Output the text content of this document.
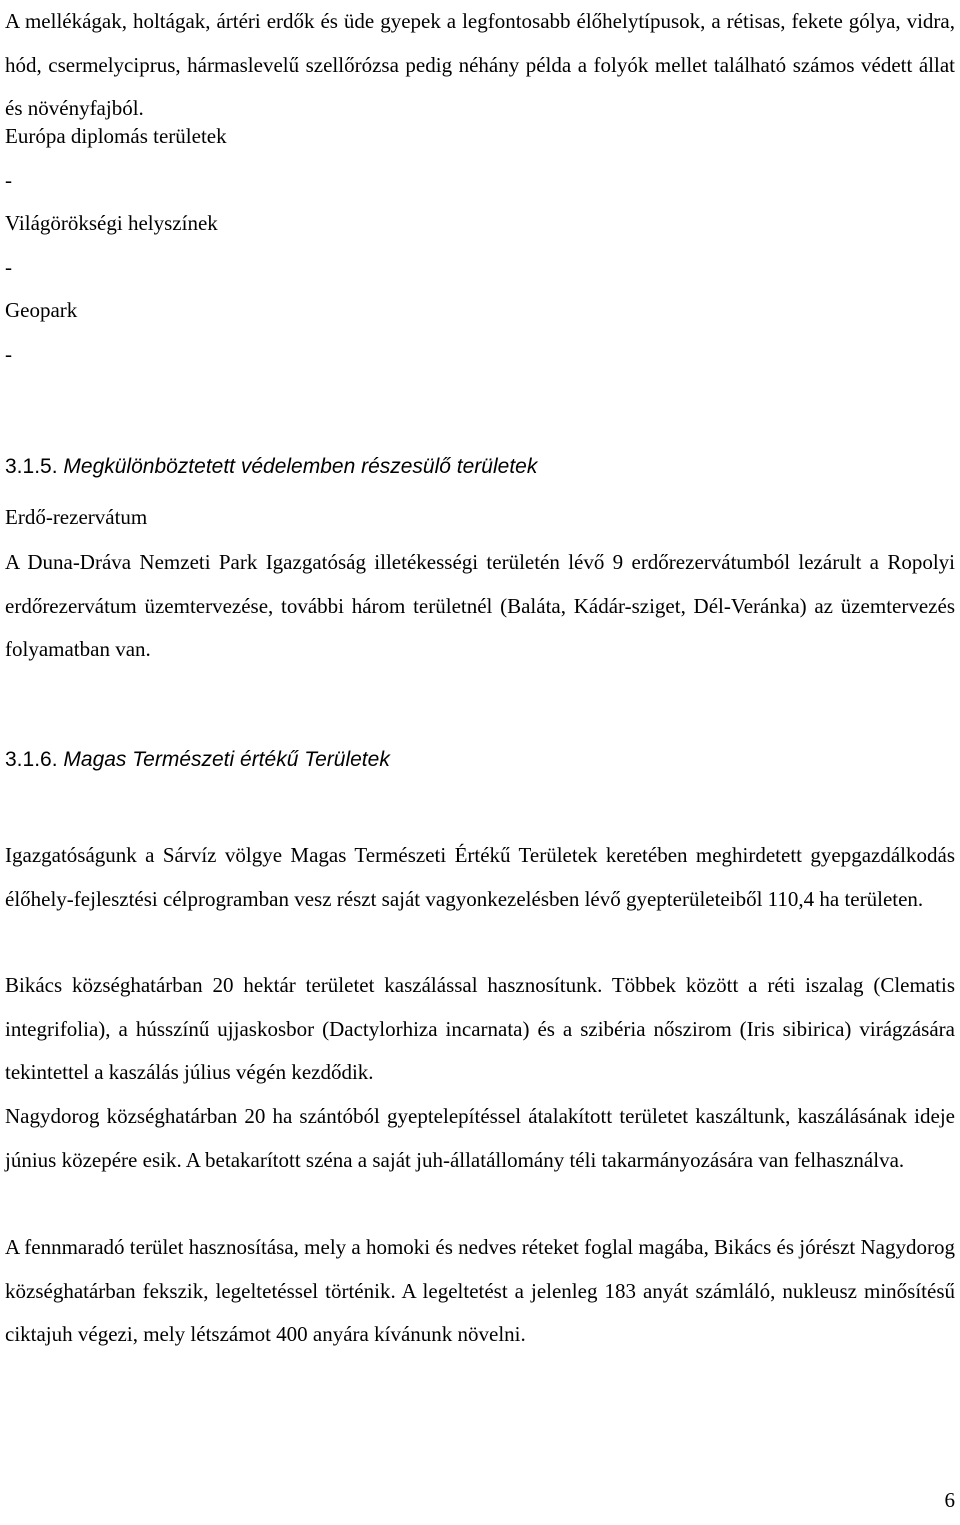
A mellékágak, holtágak, ártéri erdők és üde gyepek a legfontosabb élőhelytípusok, a rétisas, fekete gólya, vidra, hód, csermelyciprus, hármaslevelű szellőrózsa pedig néhány példa a folyók mellet található számos védett állat és növényfajból.

Európa diplomás területek

-

Világörökségi helyszínek

-

Geopark

-

3.1.5. Megkülönböztetett védelemben részesülő területek

Erdő-rezervátum

A Duna-Dráva Nemzeti Park Igazgatóság illetékességi területén lévő 9 erdőrezervátumból lezárult a Ropolyi erdőrezervátum üzemtervezése, további három területnél (Baláta, Kádár-sziget, Dél-Veránka) az üzemtervezés folyamatban van.

3.1.6. Magas Természeti értékű Területek

Igazgatóságunk a Sárvíz völgye Magas Természeti Értékű Területek keretében meghirdetett gyepgazdálkodás élőhely-fejlesztési célprogramban vesz részt saját vagyonkezelésben lévő gyepterületeiből 110,4 ha területen.

Bikács községhatárban 20 hektár területet kaszálással hasznosítunk. Többek között a réti iszalag (Clematis integrifolia), a hússzínű ujjaskosbor (Dactylorhiza incarnata) és a szibéria nőszirom (Iris sibirica) virágzására tekintettel a kaszálás július végén kezdődik.

Nagydorog községhatárban 20 ha szántóból gyeptelepítéssel átalakított területet kaszáltunk, kaszálásának ideje június közepére esik. A betakarított széna a saját juh-állatállomány téli takarmányozására van felhasználva.

A fennmaradó terület hasznosítása, mely a homoki és nedves réteket foglal magába, Bikács és jórészt Nagydorog községhatárban fekszik, legeltetéssel történik. A legeltetést a jelenleg 183 anyát számláló, nukleusz minősítésű ciktajuh végezi, mely létszámot 400 anyára kívánunk növelni.

6
